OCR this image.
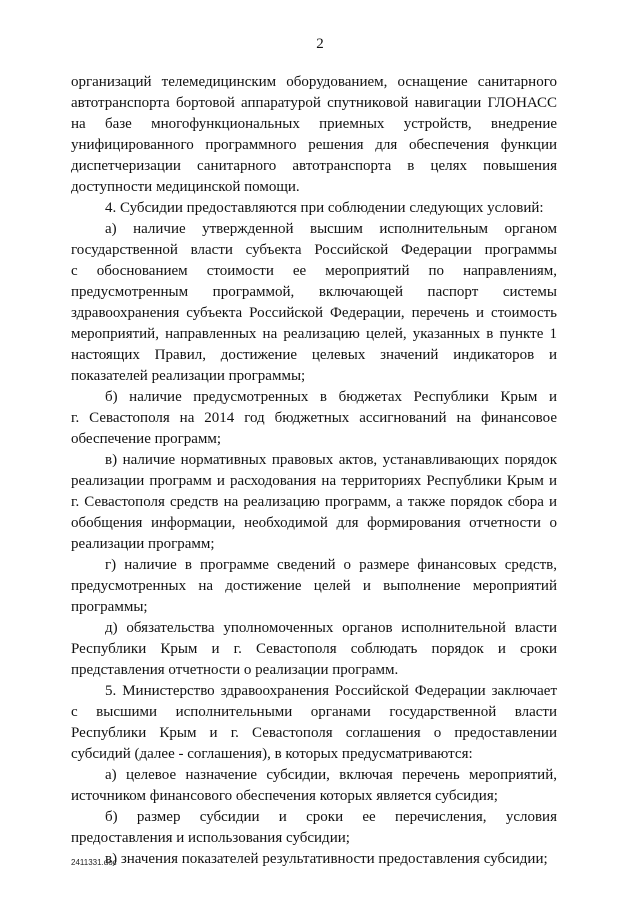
2
организаций телемедицинским оборудованием, оснащение санитарного
автотранспорта бортовой аппаратурой спутниковой навигации ГЛОНАСС
на базе многофункциональных приемных устройств, внедрение
унифицированного программного решения для обеспечения функции
диспетчеризации санитарного автотранспорта в целях повышения
доступности медицинской помощи.
4. Субсидии предоставляются при соблюдении следующих условий:
а) наличие утвержденной высшим исполнительным органом
государственной власти субъекта Российской Федерации программы
с обоснованием стоимости ее мероприятий по направлениям,
предусмотренным программой, включающей паспорт системы
здравоохранения субъекта Российской Федерации, перечень и стоимость
мероприятий, направленных на реализацию целей, указанных в пункте 1
настоящих Правил, достижение целевых значений индикаторов и
показателей реализации программы;
б) наличие предусмотренных в бюджетах Республики Крым и
г. Севастополя на 2014 год бюджетных ассигнований на финансовое
обеспечение программ;
в) наличие нормативных правовых актов, устанавливающих порядок
реализации программ и расходования на территориях Республики Крым и
г. Севастополя средств на реализацию программ, а также порядок сбора и
обобщения информации, необходимой для формирования отчетности о
реализации программ;
г) наличие в программе сведений о размере финансовых средств,
предусмотренных на достижение целей и выполнение мероприятий
программы;
д) обязательства уполномоченных органов исполнительной власти
Республики Крым и г. Севастополя соблюдать порядок и сроки
представления отчетности о реализации программ.
5. Министерство здравоохранения Российской Федерации заключает
с высшими исполнительными органами государственной власти
Республики Крым и г. Севастополя соглашения о предоставлении
субсидий (далее - соглашения), в которых предусматриваются:
а) целевое назначение субсидии, включая перечень мероприятий,
источником финансового обеспечения которых является субсидия;
б) размер субсидии и сроки ее перечисления, условия
предоставления и использования субсидии;
в) значения показателей результативности предоставления субсидии;
2411331.doc
